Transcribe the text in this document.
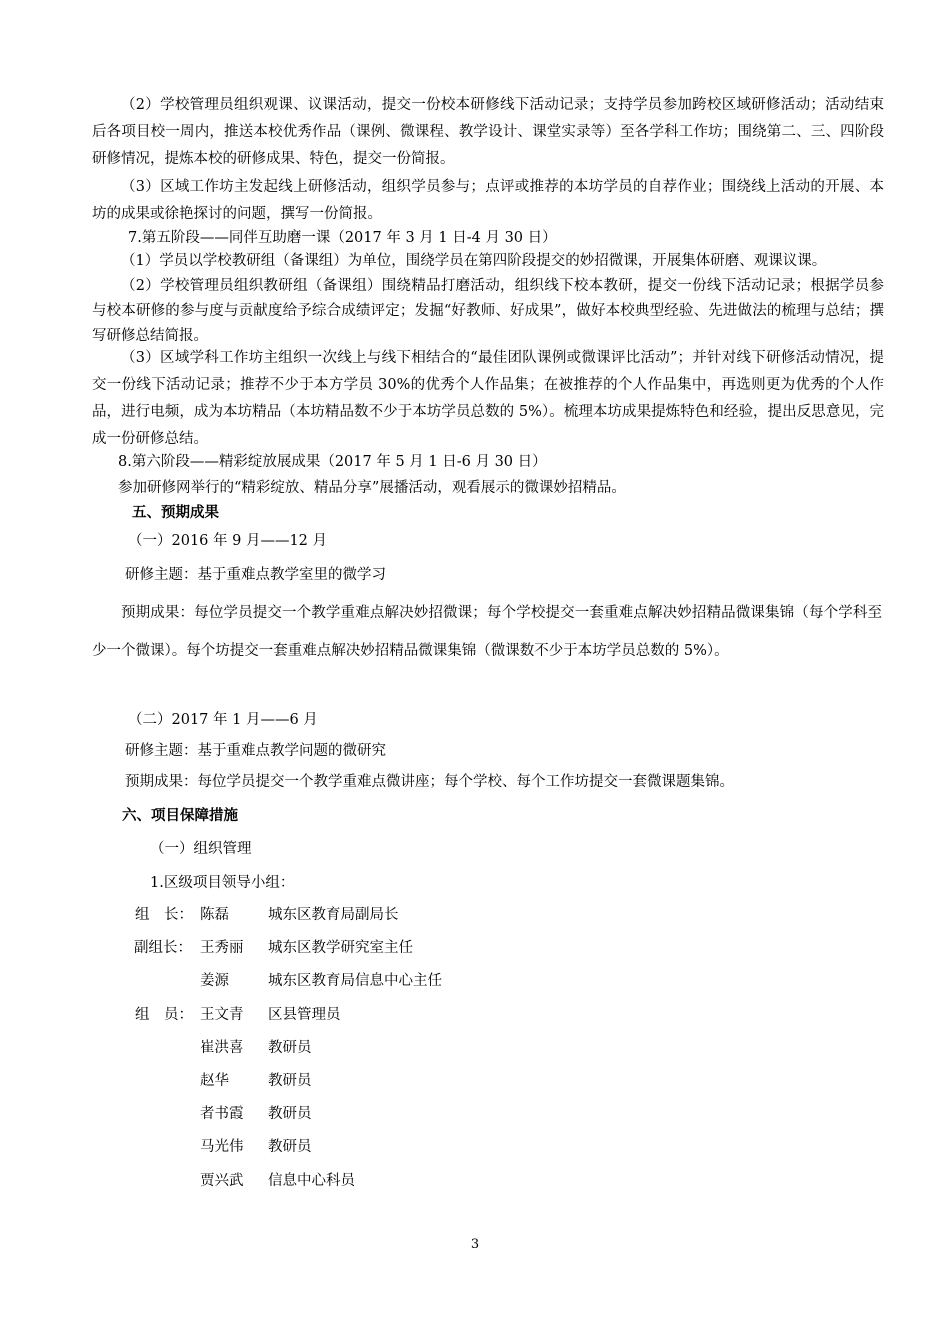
（2）学校管理员组织观课、议课活动，提交一份校本研修线下活动记录；支持学员参加跨校区域研修活动；活动结束后各项目校一周内，推送本校优秀作品（课例、微课程、教学设计、课堂实录等）至各学科工作坊；围绕第二、三、四阶段研修情况，提炼本校的研修成果、特色，提交一份简报。

（3）区域工作坊主发起线上研修活动，组织学员参与；点评或推荐的本坊学员的自荐作业；围绕线上活动的开展、本坊的成果或徐艳探讨的问题，撰写一份简报。

7.第五阶段——同伴互助磨一课（2017 年 3 月 1 日-4 月 30 日）

（1）学员以学校教研组（备课组）为单位，围绕学员在第四阶段提交的妙招微课，开展集体研磨、观课议课。

（2）学校管理员组织教研组（备课组）围绕精品打磨活动，组织线下校本教研，提交一份线下活动记录；根据学员参与校本研修的参与度与贡献度给予综合成绩评定；发掘“好教师、好成果”，做好本校典型经验、先进做法的梳理与总结；撰写研修总结简报。

（3）区域学科工作坊主组织一次线上与线下相结合的“最佳团队课例或微课评比活动”；并针对线下研修活动情况，提交一份线下活动记录；推荐不少于本方学员 30%的优秀个人作品集；在被推荐的个人作品集中，再选则更为优秀的个人作品，进行电频，成为本坊精品（本坊精品数不少于本坊学员总数的 5%）。梳理本坊成果提炼特色和经验，提出反思意见，完成一份研修总结。

8.第六阶段——精彩绽放展成果（2017 年 5 月 1 日-6 月 30 日）

参加研修网举行的“精彩绽放、精品分享”展播活动，观看展示的微课妙招精品。

五、预期成果

（一）2016 年 9 月——12 月

研修主题：基于重难点教学室里的微学习

预期成果：每位学员提交一个教学重难点解决妙招微课；每个学校提交一套重难点解决妙招精品微课集锦（每个学科至少一个微课）。每个坊提交一套重难点解决妙招精品微课集锦（微课数不少于本坊学员总数的 5%）。

（二）2017 年 1 月——6 月

研修主题：基于重难点教学问题的微研究

预期成果：每位学员提交一个教学重难点微讲座；每个学校、每个工作坊提交一套微课题集锦。

六、项目保障措施

（一）组织管理

1.区级项目领导小组：

组　长： 陈磊	城东区教育局副局长
副组长： 王秀丽 城东区教学研究室主任
姜源	城东区教育局信息中心主任
组　员： 王文青 区县管理员
崔洪喜 教研员
赵华	教研员
者书霞 教研员
马光伟 教研员
贾兴武 信息中心科员
3
